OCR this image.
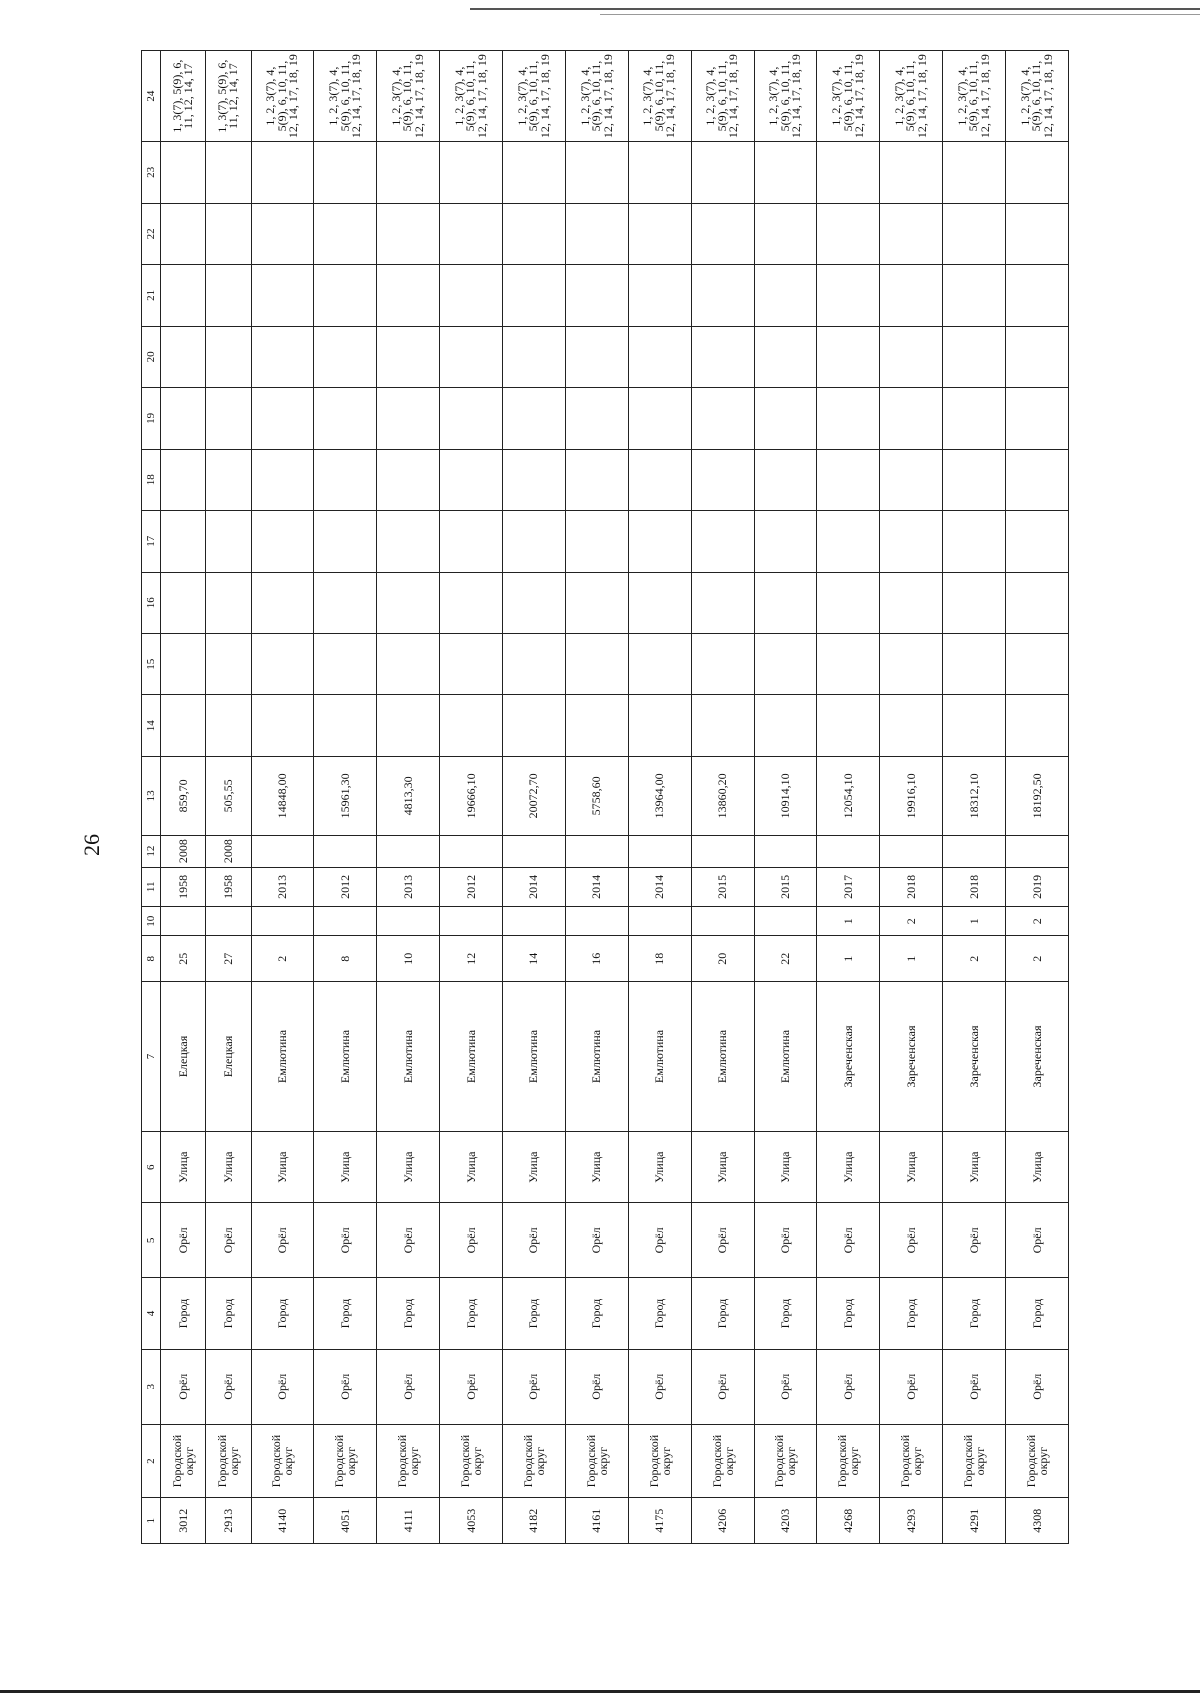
26
1	2	3	4	5	6	7	8	10	11	12	13	14	15	16	17	18	19	20	21	22	23	24
3012	Городской округ	Орёл	Город	Орёл	Улица	Елецкая	25		1958	2008	859,70											1, 3(7), 5(9), 6, 11, 12, 14, 17
2913	Городской округ	Орёл	Город	Орёл	Улица	Елецкая	27		1958	2008	505,55											1, 3(7), 5(9), 6, 11, 12, 14, 17
4140	Городской округ	Орёл	Город	Орёл	Улица	Емлютина	2		2013		14848,00											1, 2, 3(7), 4, 5(9), 6, 10, 11, 12, 14, 17, 18, 19
4051	Городской округ	Орёл	Город	Орёл	Улица	Емлютина	8		2012		15961,30											1, 2, 3(7), 4, 5(9), 6, 10, 11, 12, 14, 17, 18, 19
4111	Городской округ	Орёл	Город	Орёл	Улица	Емлютина	10		2013		4813,30											1, 2, 3(7), 4, 5(9), 6, 10, 11, 12, 14, 17, 18, 19
4053	Городской округ	Орёл	Город	Орёл	Улица	Емлютина	12		2012		19666,10											1, 2, 3(7), 4, 5(9), 6, 10, 11, 12, 14, 17, 18, 19
4182	Городской округ	Орёл	Город	Орёл	Улица	Емлютина	14		2014		20072,70											1, 2, 3(7), 4, 5(9), 6, 10, 11, 12, 14, 17, 18, 19
4161	Городской округ	Орёл	Город	Орёл	Улица	Емлютина	16		2014		5758,60											1, 2, 3(7), 4, 5(9), 6, 10, 11, 12, 14, 17, 18, 19
4175	Городской округ	Орёл	Город	Орёл	Улица	Емлютина	18		2014		13964,00											1, 2, 3(7), 4, 5(9), 6, 10, 11, 12, 14, 17, 18, 19
4206	Городской округ	Орёл	Город	Орёл	Улица	Емлютина	20		2015		13860,20											1, 2, 3(7), 4, 5(9), 6, 10, 11, 12, 14, 17, 18, 19
4203	Городской округ	Орёл	Город	Орёл	Улица	Емлютина	22		2015		10914,10											1, 2, 3(7), 4, 5(9), 6, 10, 11, 12, 14, 17, 18, 19
4268	Городской округ	Орёл	Город	Орёл	Улица	Зареченская	1	1	2017		12054,10											1, 2, 3(7), 4, 5(9), 6, 10, 11, 12, 14, 17, 18, 19
4293	Городской округ	Орёл	Город	Орёл	Улица	Зареченская	1	2	2018		19916,10											1, 2, 3(7), 4, 5(9), 6, 10, 11, 12, 14, 17, 18, 19
4291	Городской округ	Орёл	Город	Орёл	Улица	Зареченская	2	1	2018		18312,10											1, 2, 3(7), 4, 5(9), 6, 10, 11, 12, 14, 17, 18, 19
4308	Городской округ	Орёл	Город	Орёл	Улица	Зареченская	2	2	2019		18192,50											1, 2, 3(7), 4, 5(9), 6, 10, 11, 12, 14, 17, 18, 19
